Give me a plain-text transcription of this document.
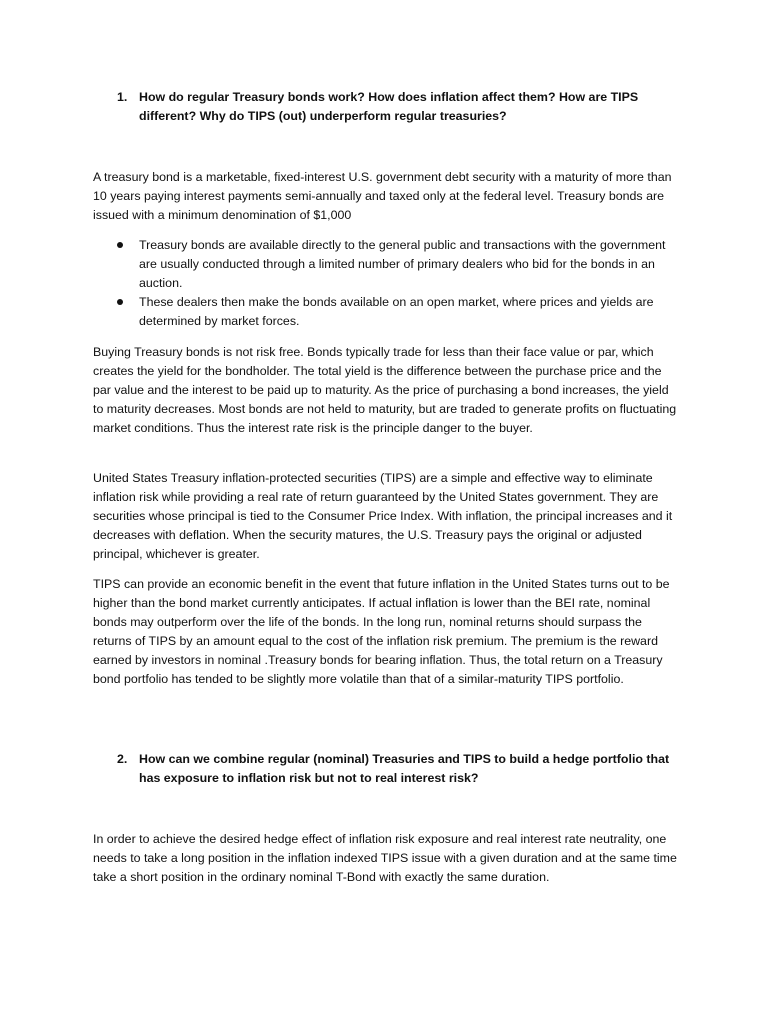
1. How do regular Treasury bonds work? How does inflation affect them? How are TIPS different? Why do TIPS (out) underperform regular treasuries?

A treasury bond is a marketable, fixed-interest U.S. government debt security with a maturity of more than 10 years paying interest payments semi-annually and taxed only at the federal level. Treasury bonds are issued with a minimum denomination of $1,000

Treasury bonds are available directly to the general public and transactions with the government are usually conducted through a limited number of primary dealers who bid for the bonds in an auction.
These dealers then make the bonds available on an open market, where prices and yields are determined by market forces.

Buying Treasury bonds is not risk free. Bonds typically trade for less than their face value or par, which creates the yield for the bondholder. The total yield is the difference between the purchase price and the par value and the interest to be paid up to maturity. As the price of purchasing a bond increases, the yield to maturity decreases. Most bonds are not held to maturity, but are traded to generate profits on fluctuating market conditions. Thus the interest rate risk is the principle danger to the buyer.

United States Treasury inflation-protected securities (TIPS) are a simple and effective way to eliminate inflation risk while providing a real rate of return guaranteed by the United States government. They are securities whose principal is tied to the Consumer Price Index. With inflation, the principal increases and it decreases with deflation. When the security matures, the U.S. Treasury pays the original or adjusted principal, whichever is greater.

TIPS can provide an economic benefit in the event that future inflation in the United States turns out to be higher than the bond market currently anticipates. If actual inflation is lower than the BEI rate, nominal bonds may outperform over the life of the bonds. In the long run, nominal returns should surpass the returns of TIPS by an amount equal to the cost of the inflation risk premium. The premium is the reward earned by investors in nominal .Treasury bonds for bearing inflation. Thus, the total return on a Treasury bond portfolio has tended to be slightly more volatile than that of a similar-maturity TIPS portfolio.

2. How can we combine regular (nominal) Treasuries and TIPS to build a hedge portfolio that has exposure to inflation risk but not to real interest risk?

In order to achieve the desired hedge effect of inflation risk exposure and real interest rate neutrality, one needs to take a long position in the inflation indexed TIPS issue with a given duration and at the same time take a short position in the ordinary nominal T-Bond with exactly the same duration.
